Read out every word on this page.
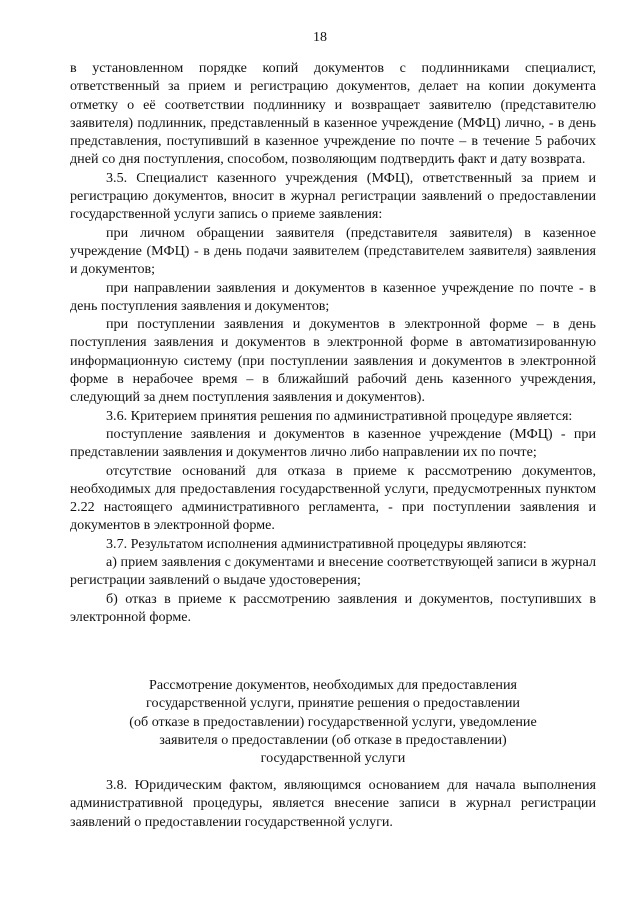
18

в установленном порядке копий документов с подлинниками специалист, ответственный за прием и регистрацию документов, делает на копии документа отметку о её соответствии подлиннику и возвращает заявителю (представителю заявителя) подлинник, представленный в казенное учреждение (МФЦ) лично, - в день представления, поступивший в казенное учреждение по почте – в течение 5 рабочих дней со дня поступления, способом, позволяющим подтвердить факт и дату возврата.

3.5. Специалист казенного учреждения (МФЦ), ответственный за прием и регистрацию документов, вносит в журнал регистрации заявлений о предоставлении государственной услуги запись о приеме заявления:

при личном обращении заявителя (представителя заявителя) в казенное учреждение (МФЦ) - в день подачи заявителем (представителем заявителя) заявления и документов;

при направлении заявления и документов в казенное учреждение по почте - в день поступления заявления и документов;

при поступлении заявления и документов в электронной форме – в день поступления заявления и документов в электронной форме в автоматизированную информационную систему (при поступлении заявления и документов в электронной форме в нерабочее время – в ближайший рабочий день казенного учреждения, следующий за днем поступления заявления и документов).

3.6. Критерием принятия решения по административной процедуре является:

поступление заявления и документов в казенное учреждение (МФЦ) - при представлении заявления и документов лично либо направлении их по почте;

отсутствие оснований для отказа в приеме к рассмотрению документов, необходимых для предоставления государственной услуги, предусмотренных пунктом 2.22 настоящего административного регламента, - при поступлении заявления и документов в электронной форме.

3.7. Результатом исполнения административной процедуры являются:

а) прием заявления с документами и внесение соответствующей записи в журнал регистрации заявлений о выдаче удостоверения;

б) отказ в приеме к рассмотрению заявления и документов, поступивших в электронной форме.

Рассмотрение документов, необходимых для предоставления
государственной услуги, принятие решения о предоставлении
(об отказе в предоставлении) государственной услуги, уведомление
заявителя о предоставлении (об отказе в предоставлении)
государственной услуги

3.8. Юридическим фактом, являющимся основанием для начала выполнения административной процедуры, является внесение записи в журнал регистрации заявлений о предоставлении государственной услуги.
